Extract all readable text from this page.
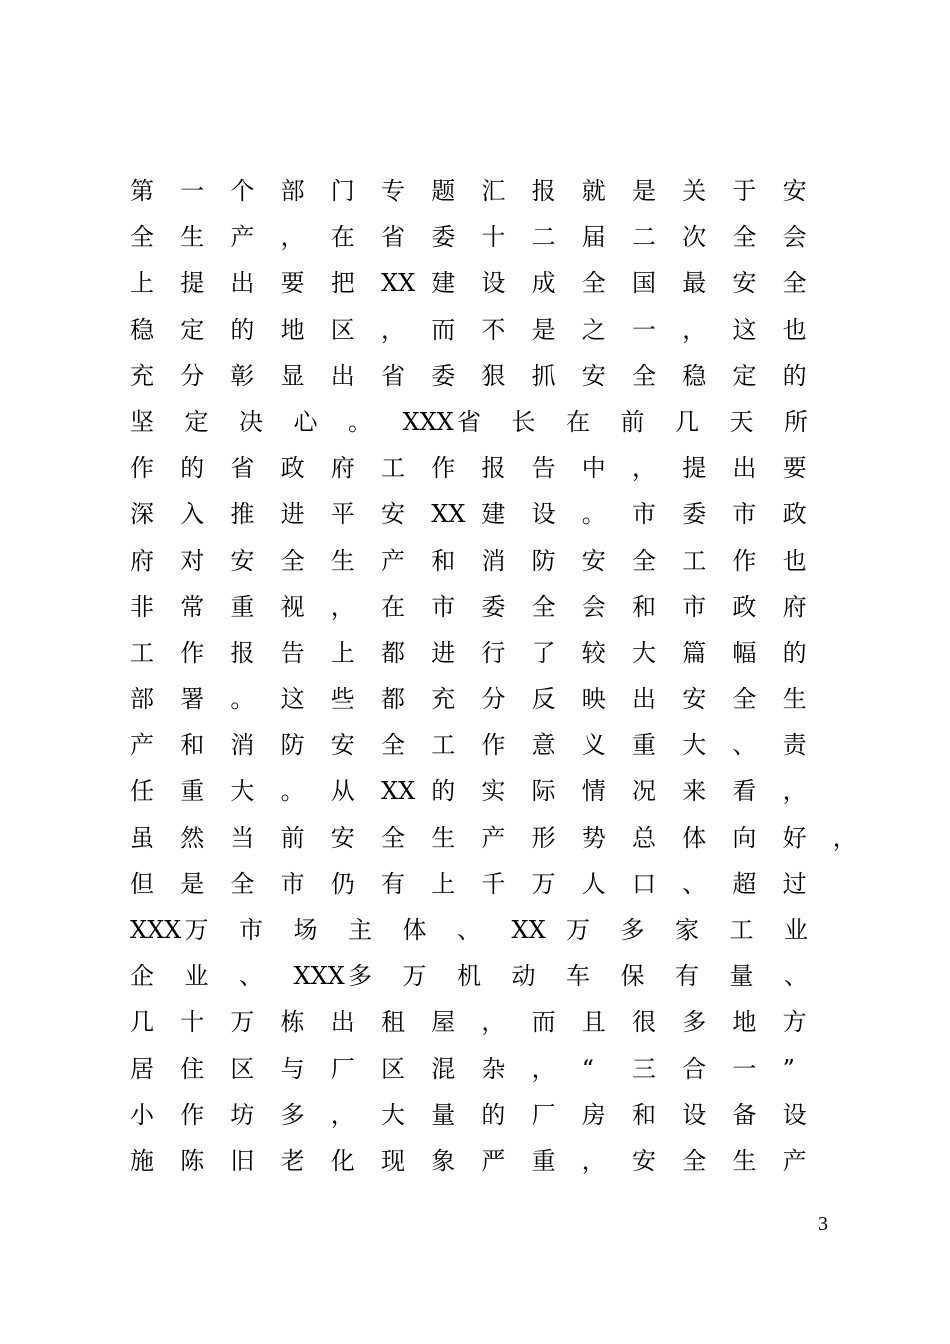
第 一 个 部 门 专 题 汇 报 就 是 关 于 安
全 生 产 ， 在 省 委 十 二 届 二 次 全 会
上 提 出 要 把 XX 建 设 成 全 国 最 安 全
稳 定 的 地 区 ， 而 不 是 之 一 ， 这 也
充 分 彰 显 出 省 委 狠 抓 安 全 稳 定 的
坚 定 决 心 。 XXX 省 长 在 前 几 天 所
作 的 省 政 府 工 作 报 告 中 ， 提 出 要
深 入 推 进 平 安 XX 建 设 。 市 委 市 政
府 对 安 全 生 产 和 消 防 安 全 工 作 也
非 常 重 视 ， 在 市 委 全 会 和 市 政 府
工 作 报 告 上 都 进 行 了 较 大 篇 幅 的
部 署 。 这 些 都 充 分 反 映 出 安 全 生
产 和 消 防 安 全 工 作 意 义 重 大 、 责
任 重 大 。 从 XX 的 实 际 情 况 来 看 ，
虽 然 当 前 安 全 生 产 形 势 总 体 向 好 ，
但 是 全 市 仍 有 上 千 万 人 口 、 超 过
XXX 万 市 场 主 体 、 XX 万 多 家 工 业
企 业 、 XXX 多 万 机 动 车 保 有 量 、
几 十 万 栋 出 租 屋 ， 而 且 很 多 地 方
居 住 区 与 厂 区 混 杂 ， “ 三 合 一 ”
小 作 坊 多 ， 大 量 的 厂 房 和 设 备 设
施 陈 旧 老 化 现 象 严 重 ， 安 全 生 产
3
